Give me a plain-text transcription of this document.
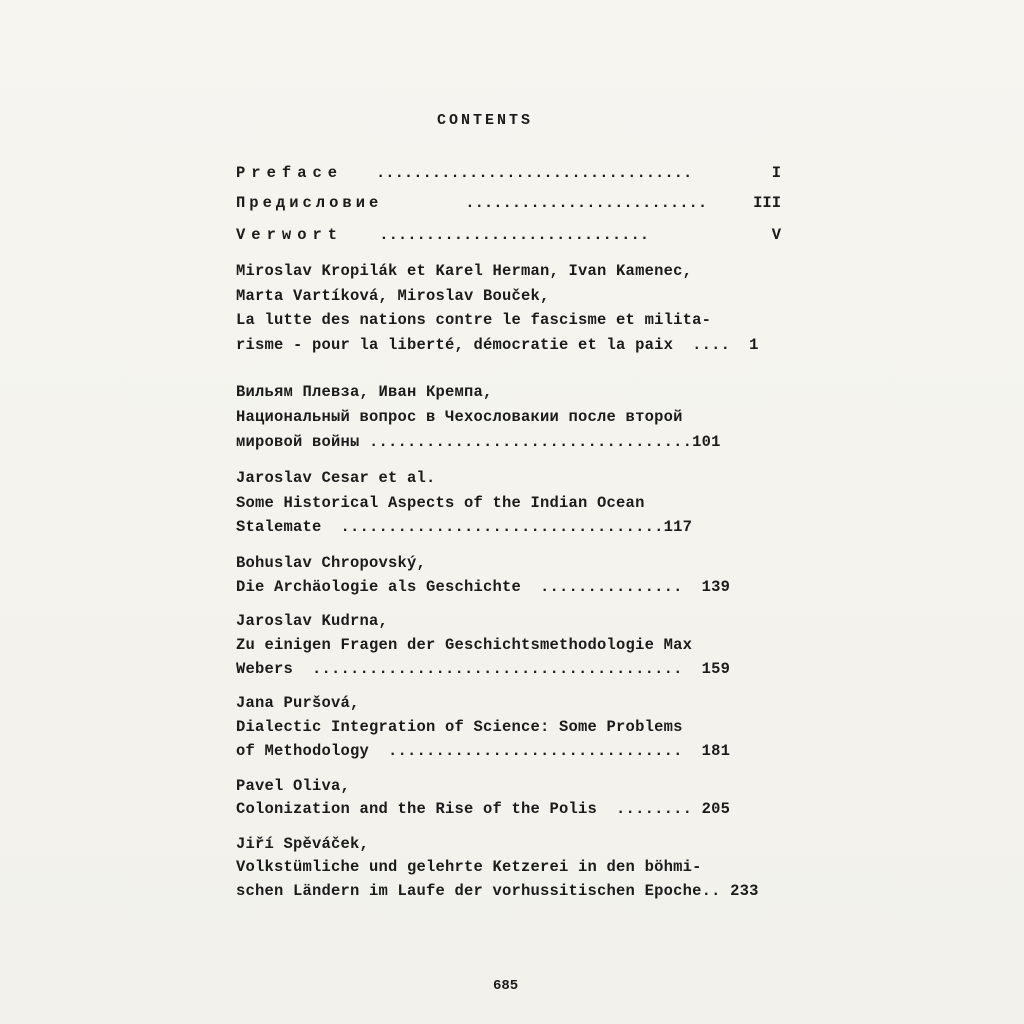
CONTENTS
Preface ..................................	I
Предисловие	..........................	III
Verwort .............................	V
Miroslav Kropilák et Karel Herman, Ivan Kamenec,
Marta Vartíková, Miroslav Bouček,
La lutte des nations contre le fascisme et milita-
risme - pour la liberté, démocratie et la paix  ....  1
Вильям Плевза, Иван Кремпа,
Национальный вопрос в Чехословакии после второй
мировой войны ..................................101
Jaroslav Cesar et al.
Some Historical Aspects of the Indian Ocean
Stalemate  ..................................117
Bohuslav Chropovský,
Die Archäologie als Geschichte  ...............  139
Jaroslav Kudrna,
Zu einigen Fragen der Geschichtsmethodologie Max
Webers  .......................................  159
Jana Puršová,
Dialectic Integration of Science: Some Problems
of Methodology  ...............................  181
Pavel Oliva,
Colonization and the Rise of the Polis  ........ 205
Jiří Spěváček,
Volkstümliche und gelehrte Ketzerei in den böhmi-
schen Ländern im Laufe der vorhussitischen Epoche.. 233
685
